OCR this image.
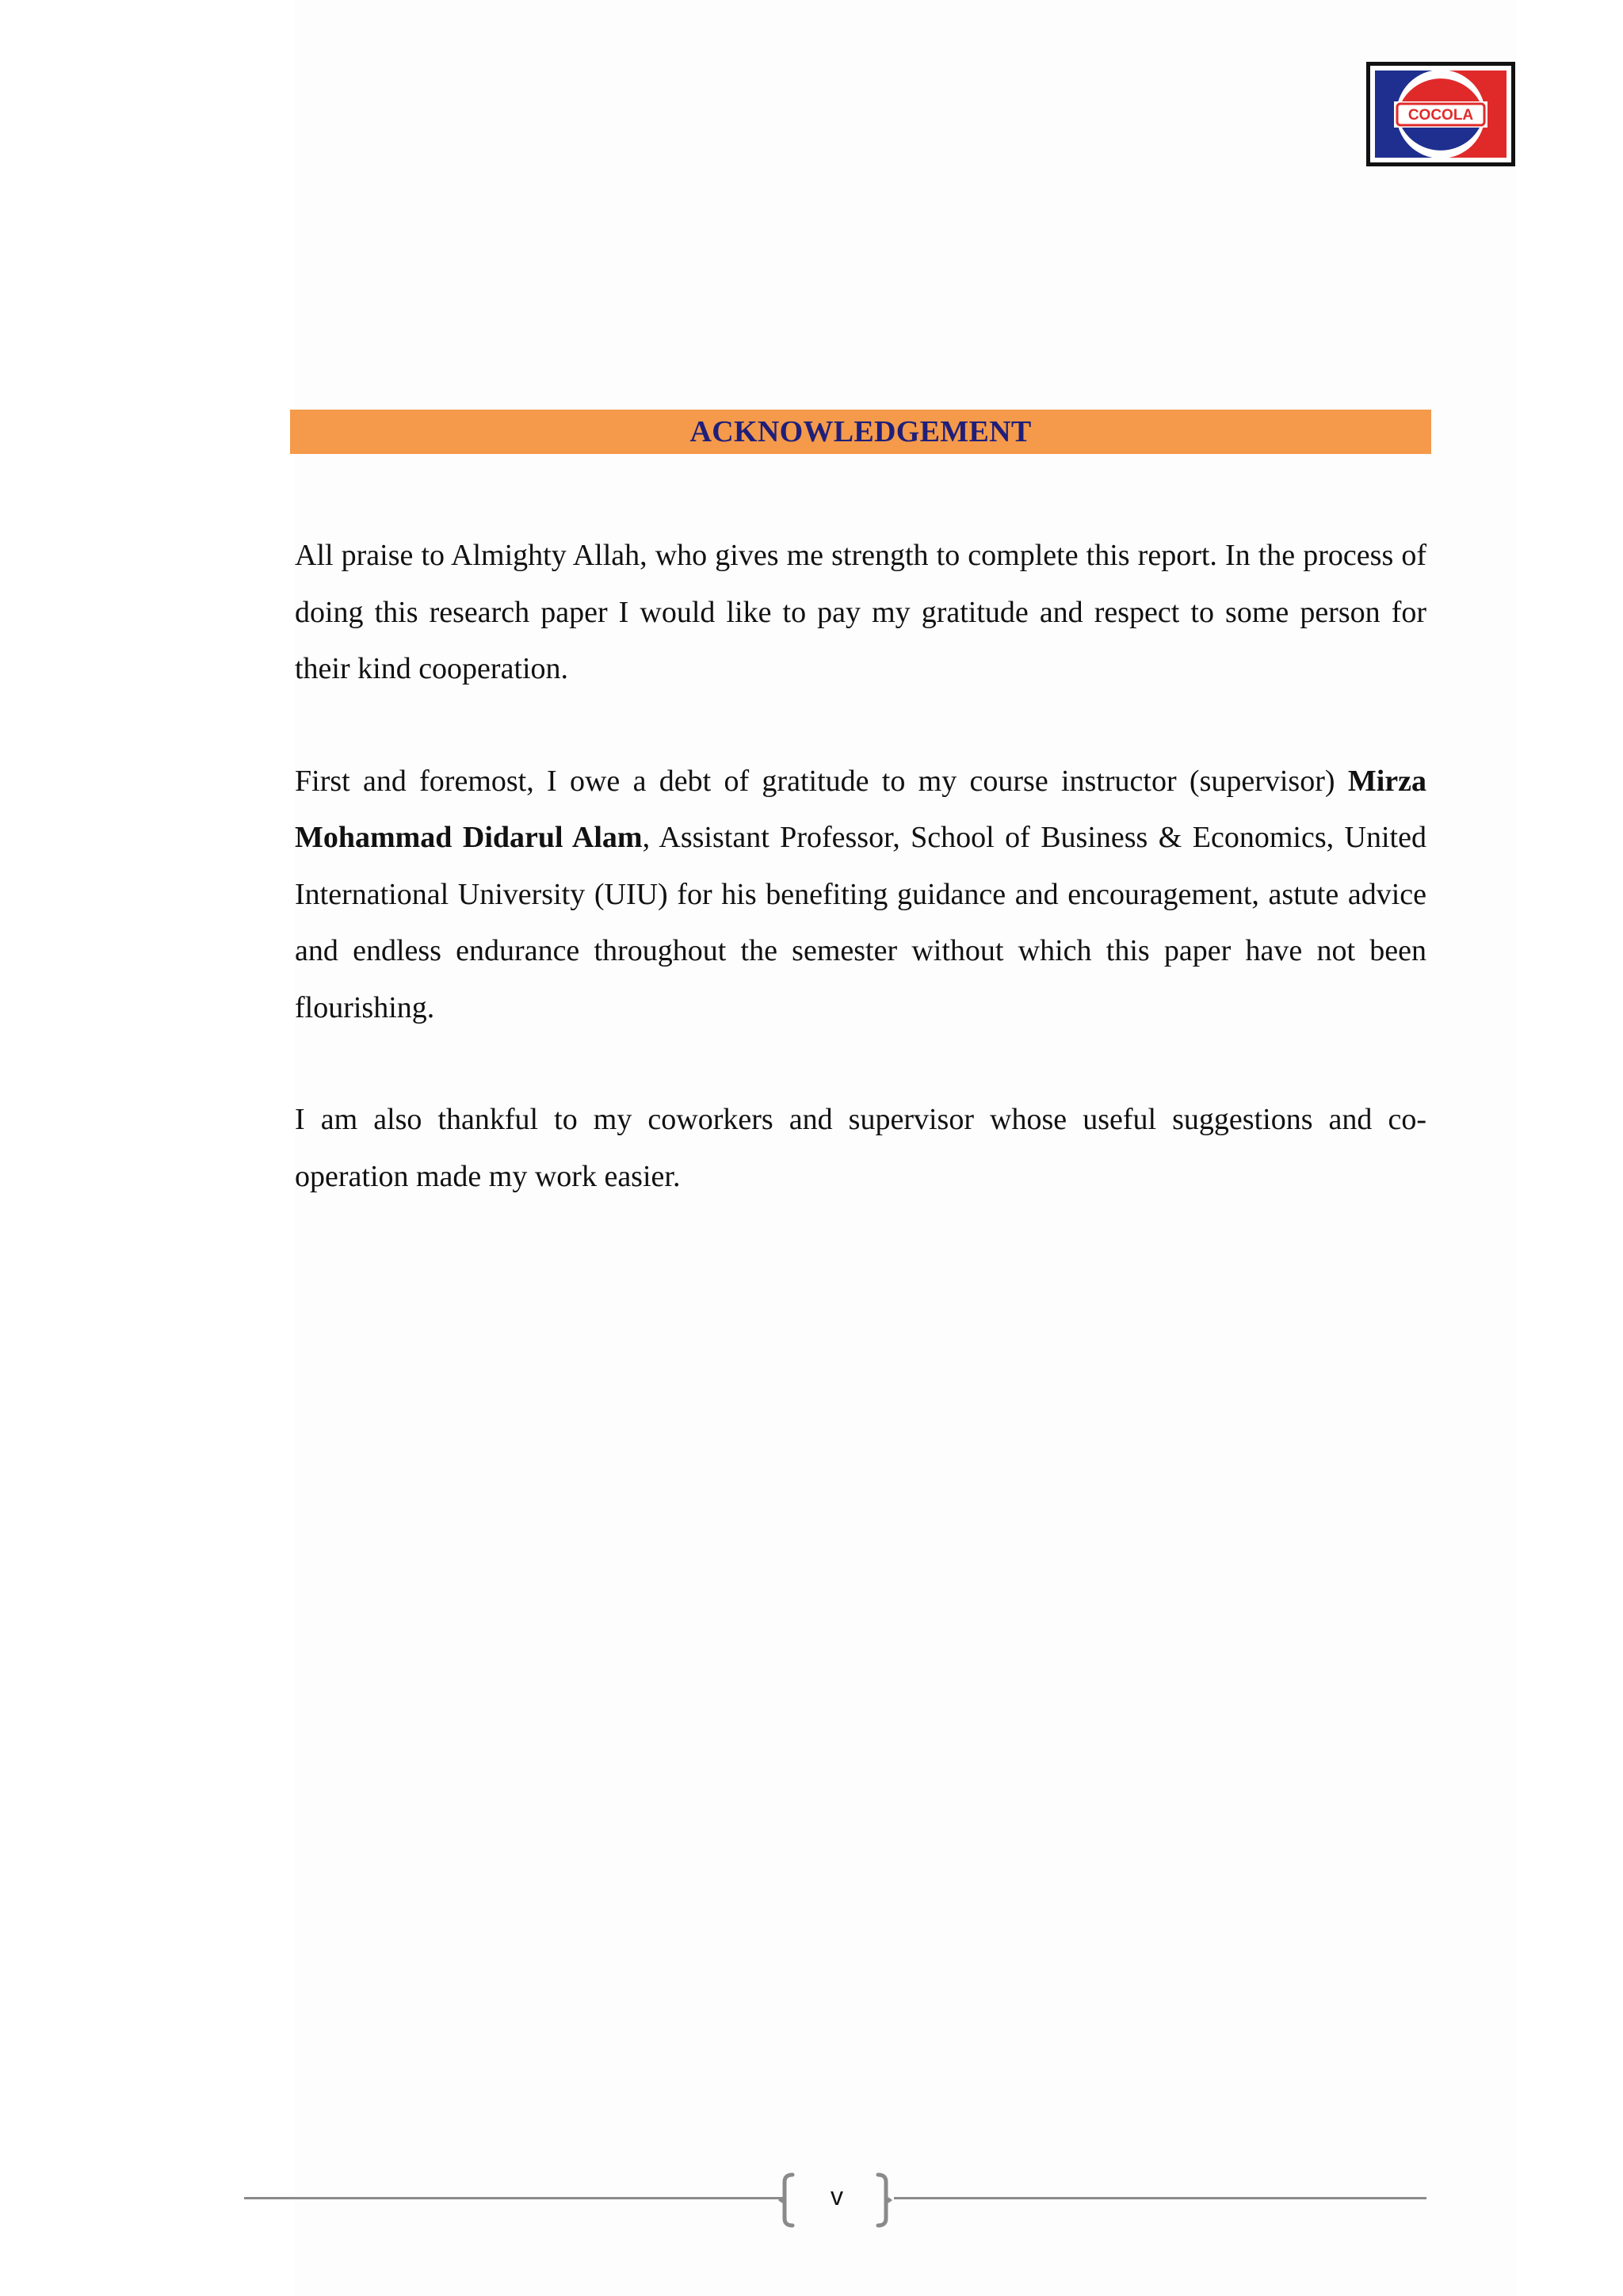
COCOLA
ACKNOWLEDGEMENT

All praise to Almighty Allah, who gives me strength to complete this report. In the process of doing this research paper I would like to pay my gratitude and respect to some person for their kind cooperation.

First and foremost, I owe a debt of gratitude to my course instructor (supervisor) Mirza Mohammad Didarul Alam, Assistant Professor, School of Business & Economics, United International University (UIU) for his benefiting guidance and encouragement, astute advice and endless endurance throughout the semester without which this paper have not been flourishing.

I am also thankful to my coworkers and supervisor whose useful suggestions and co-operation made my work easier.

v
